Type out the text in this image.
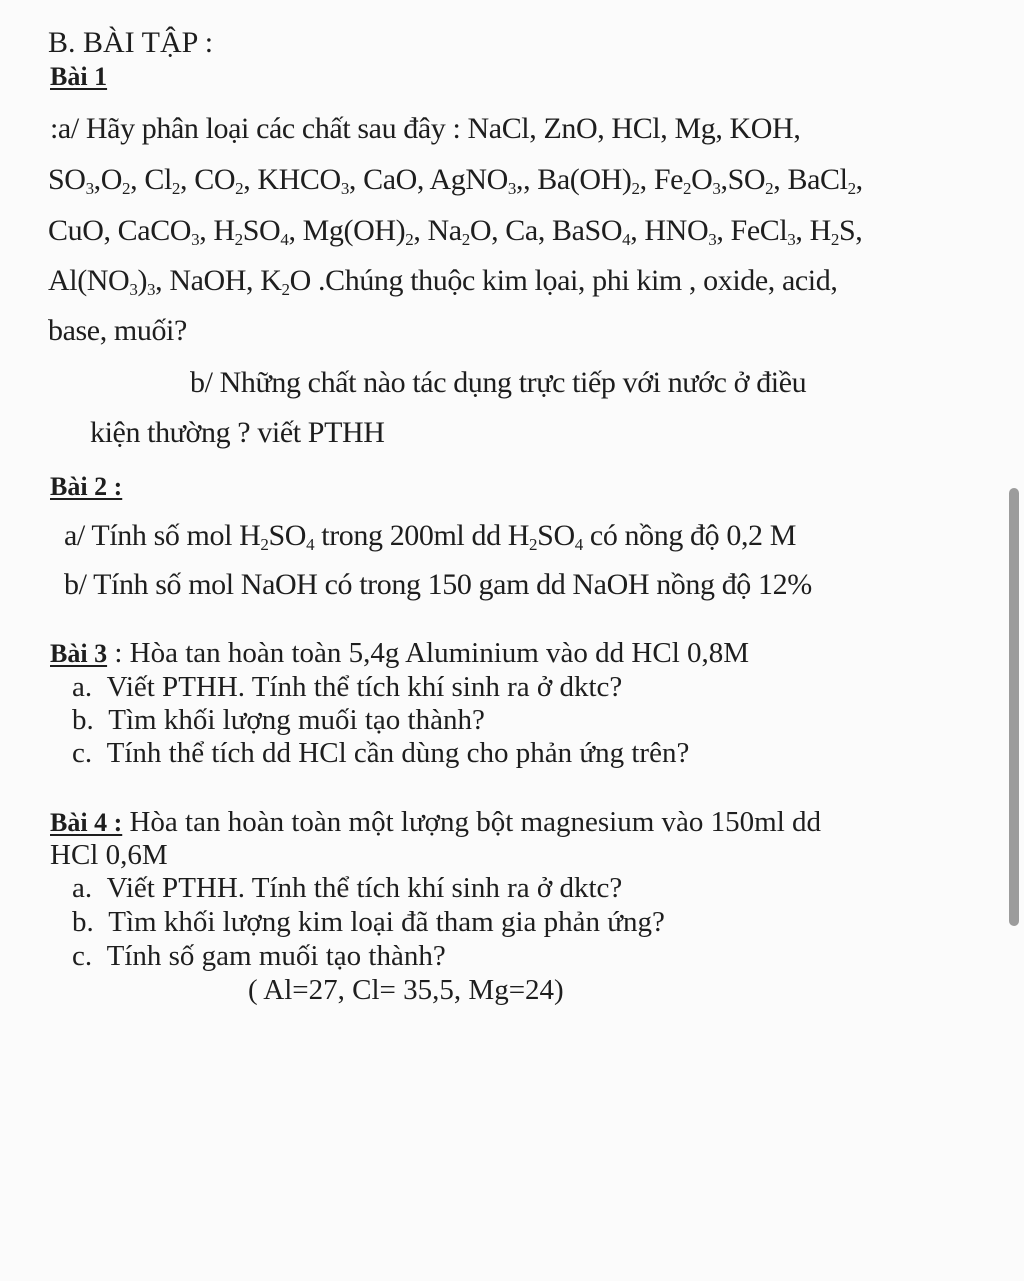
B. BÀI TẬP :
Bài 1
:a/ Hãy phân loại các chất sau đây : NaCl, ZnO, HCl, Mg, KOH,
$SO_3,O_2$, $Cl_2$, $CO_2$, $KHCO_3$, CaO, AgNO$_3$,, $Ba(OH)_2$, $Fe_2O_3,SO_2$, BaCl$_2$,
CuO, CaCO$_3$, $H_2SO_4$, $Mg(OH)_2$, $Na_2O$, Ca, BaSO$_4$, $HNO_3$, FeCl$_3$, $H_2S$,
$Al(NO_3)_3$, NaOH, $K_2O$ .Chúng thuộc kim lọai, phi kim , oxide, acid,
base, muối?
b/ Những chất nào tác dụng trực tiếp với nước ở điều
kiện thường ? viết PTHH
Bài 2 :
a/ Tính số mol $H_2SO_4$ trong 200ml dd $H_2SO_4$ có nồng độ 0,2 M
b/ Tính số mol NaOH có trong 150 gam dd NaOH nồng độ 12%
Bài 3 : Hòa tan hoàn toàn 5,4g Aluminium vào dd HCl 0,8M
a. Viết PTHH. Tính thể tích khí sinh ra ở dktc?
b. Tìm khối lượng muối tạo thành?
c. Tính thể tích dd HCl cần dùng cho phản ứng trên?
Bài 4 : Hòa tan hoàn toàn một lượng bột magnesium vào 150ml dd
HCl 0,6M
a. Viết PTHH. Tính thể tích khí sinh ra ở dktc?
b. Tìm khối lượng kim loại đã tham gia phản ứng?
c. Tính số gam muối tạo thành?
( Al=27, Cl= 35,5, Mg=24)
